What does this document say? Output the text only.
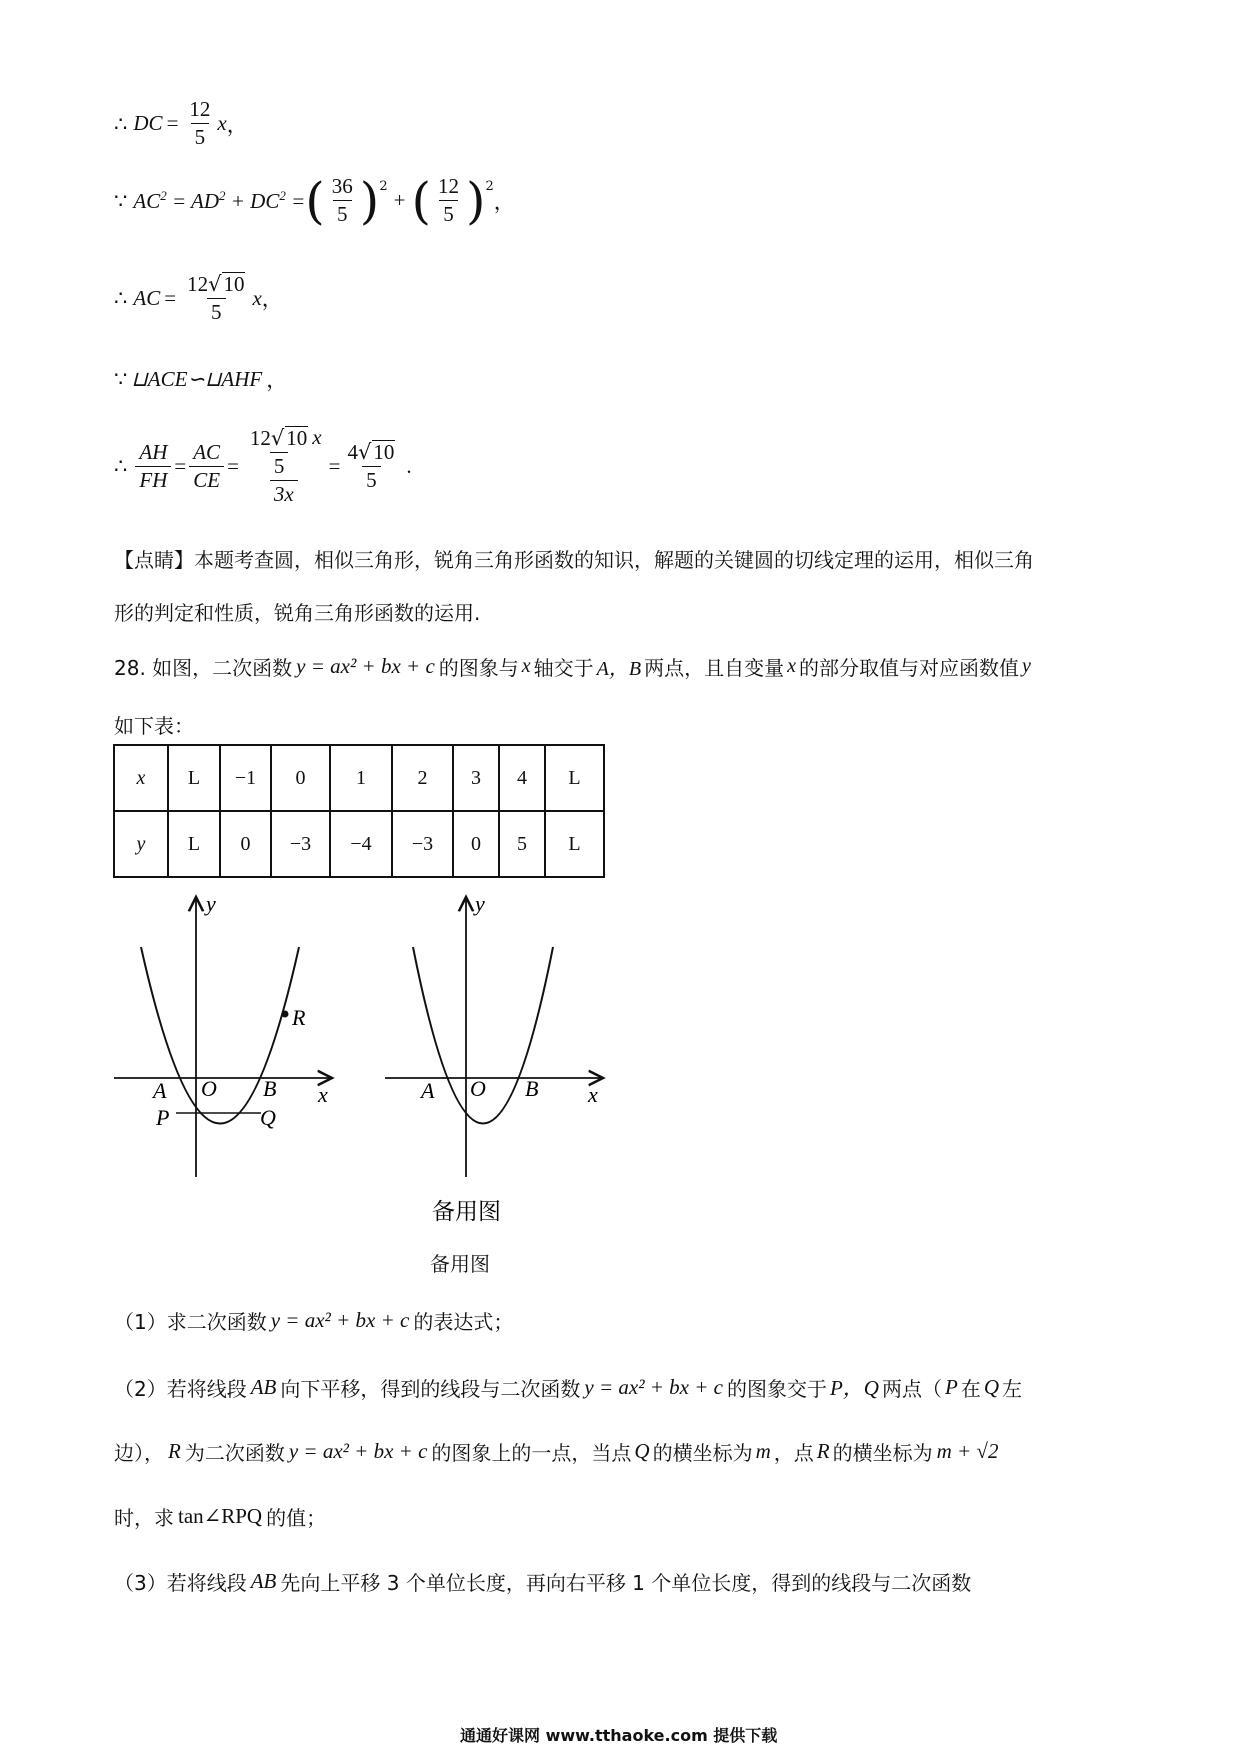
∴ DC = $\frac{12}{5}$ x ，
∵ $AC^2 = AD^2 + DC^2$ = ( $\frac{36}{5} )^2$
+ ( $\frac{12}{5} )^2$
，
∴ AC = $\frac{12√10}{5}$ x ，
∵ ⊔ACE∽⊔AHF ，
∴ $\frac{AH}{FH} = \frac{AC}{CE} = \frac{\frac{12√10}{5} x}{3x} = \frac{4√10}{5}$ .
【点睛】本题考查圆，相似三角形，锐角三角形函数的知识，解题的关键圆的切线定理的运用，相似三角
形的判定和性质，锐角三角形函数的运用.
28. 如图，二次函数 y = ax² + bx + c 的图象与 x 轴交于 A，B 两点，且自变量 x 的部分取值与对应函数值 y
如下表：
x	L	−1	0	1	2	3	4	L
y	L	0	−3	−4	−3	0	5	L
y
x
A O B
P	Q
R
y
x
A O B
备用图
备用图
（1）求二次函数 y = ax² + bx + c 的表达式；
（2）若将线段 AB 向下平移，得到的线段与二次函数 y = ax² + bx + c 的图象交于 P，Q 两点（ P 在 Q 左
边）， R 为二次函数 y = ax² + bx + c 的图象上的一点，当点 Q 的横坐标为 m ，点 R 的横坐标为 m + √2
时，求 tan∠RPQ 的值；
（3）若将线段 AB 先向上平移 3 个单位长度，再向右平移 1 个单位长度，得到的线段与二次函数
通通好课网 www.tthaoke.com 提供下载
